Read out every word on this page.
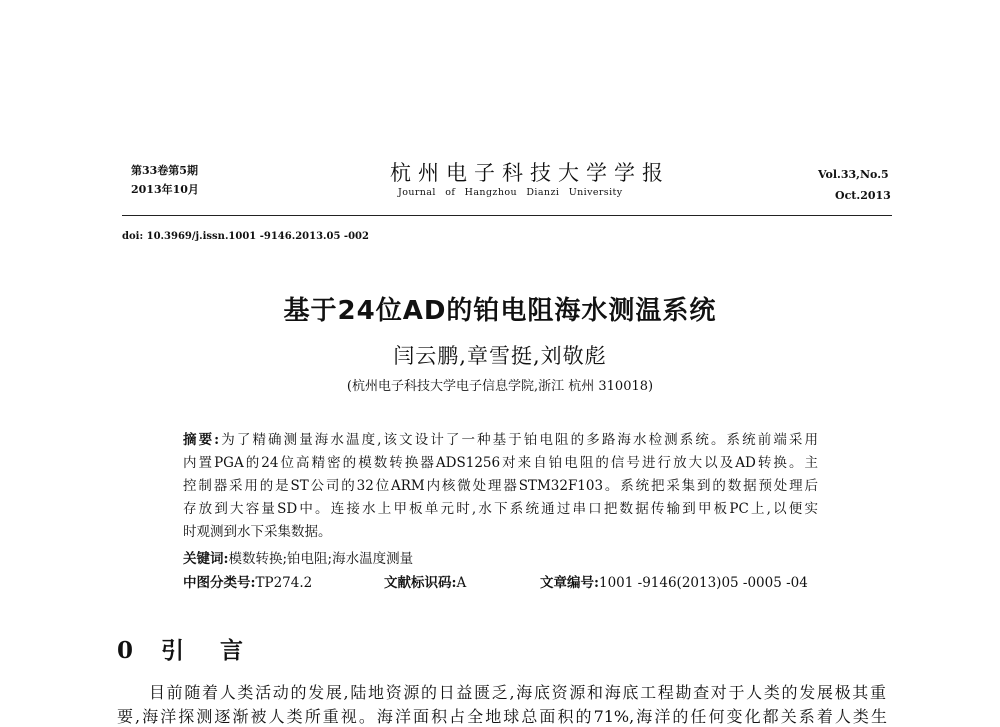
第33卷第5期
2013年10月
杭州电子科技大学学报
Journal of Hangzhou Dianzi University
Vol.33,No.5
Oct.2013
doi: 10.3969/j.issn.1001 -9146.2013.05 -002
基于24位AD的铂电阻海水测温系统
闫云鹏,章雪挺,刘敬彪
(杭州电子科技大学电子信息学院,浙江 杭州 310018)
摘要:为了精确测量海水温度,该文设计了一种基于铂电阻的多路海水检测系统。系统前端采用
内置PGA的24位高精密的模数转换器ADS1256对来自铂电阻的信号进行放大以及AD转换。主
控制器采用的是ST公司的32位ARM内核微处理器STM32F103。系统把采集到的数据预处理后
存放到大容量SD中。连接水上甲板单元时,水下系统通过串口把数据传输到甲板PC上,以便实
时观测到水下采集数据。
关键词:模数转换;铂电阻;海水温度测量
中图分类号:TP274.2	文献标识码:A	文章编号:1001 -9146(2013)05 -0005 -04
0 引 言
目前随着人类活动的发展,陆地资源的日益匮乏,海底资源和海底工程勘查对于人类的发展极其重
要,海洋探测逐渐被人类所重视。海洋面积占全地球总面积的71%,海洋的任何变化都关系着人类生
